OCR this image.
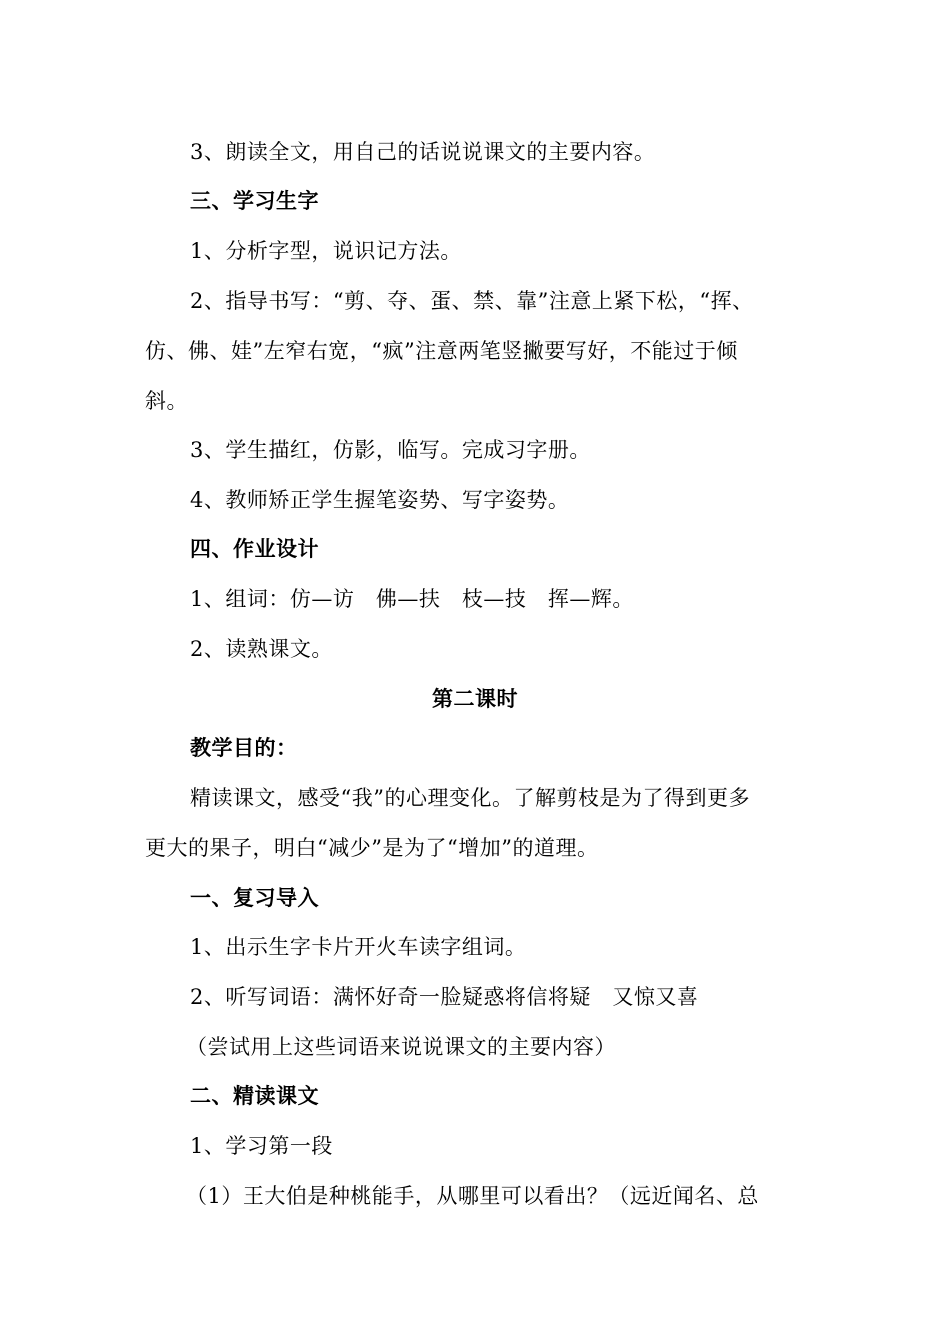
3、朗读全文，用自己的话说说课文的主要内容。
三、学习生字
1、分析字型，说识记方法。
2、指导书写：“剪、夺、蛋、禁、靠”注意上紧下松，“挥、
仿、佛、娃”左窄右宽，“疯”注意两笔竖撇要写好，不能过于倾
斜。
3、学生描红，仿影，临写。完成习字册。
4、教师矫正学生握笔姿势、写字姿势。
四、作业设计
1、组词：仿—访　佛—扶　枝—技　挥—辉。
2、读熟课文。
第二课时
教学目的：
精读课文，感受“我”的心理变化。了解剪枝是为了得到更多
更大的果子，明白“减少”是为了“增加”的道理。
一、复习导入
1、出示生字卡片开火车读字组词。
2、听写词语：满怀好奇一脸疑惑将信将疑　又惊又喜
（尝试用上这些词语来说说课文的主要内容）
二、精读课文
1、学习第一段
（1）王大伯是种桃能手，从哪里可以看出？（远近闻名、总
